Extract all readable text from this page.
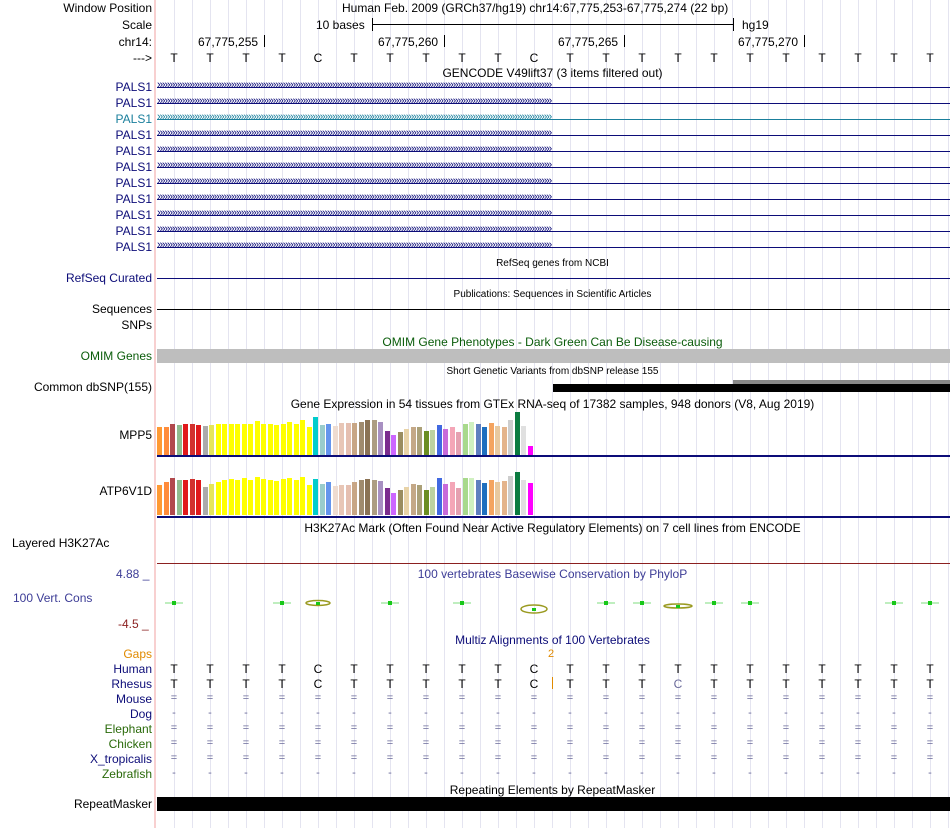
Window Position	Human Feb. 2009 (GRCh37/hg19) chr14:67,775,253-67,775,274 (22 bp)
Scale	10 bases	hg19
chr14:	67,775,255	67,775,260	67,775,265	67,775,270
---> T T T T C T T T T T C T T T T T T T T T T T
GENCODE V49lift37 (3 items filtered out)
PALS1 ››››››››››››››››››››››››››››››››››››››››››››››››››››››››››››››››››››››››››››››››››››››››››››››››››››››››››››››››››››››››››››››››››››››››››››››››››››››››››››››››
PALS1 ››››››››››››››››››››››››››››››››››››››››››››››››››››››››››››››››››››››››››››››››››››››››››››››››››››››››››››››››››››››››››››››››››››››››››››››››››››››››››››››››
PALS1 ››››››››››››››››››››››››››››››››››››››››››››››››››››››››››››››››››››››››››››››››››››››››››››››››››››››››››››››››››››››››››››››››››››››››››››››››››››››››››››››››
PALS1 ››››››››››››››››››››››››››››››››››››››››››››››››››››››››››››››››››››››››››››››››››››››››››››››››››››››››››››››››››››››››››››››››››››››››››››››››››››››››››››››››
PALS1 ››››››››››››››››››››››››››››››››››››››››››››››››››››››››››››››››››››››››››››››››››››››››››››››››››››››››››››››››››››››››››››››››››››››››››››››››››››››››››››››››
PALS1 ››››››››››››››››››››››››››››››››››››››››››››››››››››››››››››››››››››››››››››››››››››››››››››››››››››››››››››››››››››››››››››››››››››››››››››››››››››››››››››››››
PALS1 ››››››››››››››››››››››››››››››››››››››››››››››››››››››››››››››››››››››››››››››››››››››››››››››››››››››››››››››››››››››››››››››››››››››››››››››››››››››››››››››››
PALS1 ››››››››››››››››››››››››››››››››››››››››››››››››››››››››››››››››››››››››››››››››››››››››››››››››››››››››››››››››››››››››››››››››››››››››››››››››››››››››››››››››
PALS1 ››››››››››››››››››››››››››››››››››››››››››››››››››››››››››››››››››››››››››››››››››››››››››››››››››››››››››››››››››››››››››››››››››››››››››››››››››››››››››››››››
PALS1 ››››››››››››››››››››››››››››››››››››››››››››››››››››››››››››››››››››››››››››››››››››››››››››››››››››››››››››››››››››››››››››››››››››››››››››››››››››››››››››››››
PALS1 ››››››››››››››››››››››››››››››››››››››››››››››››››››››››››››››››››››››››››››››››››››››››››››››››››››››››››››››››››››››››››››››››››››››››››››››››››››››››››››››››
RefSeq genes from NCBI
RefSeq Curated
Publications: Sequences in Scientific Articles
Sequences
SNPs
OMIM Gene Phenotypes - Dark Green Can Be Disease-causing
OMIM Genes
Short Genetic Variants from dbSNP release 155
Common dbSNP(155)
Gene Expression in 54 tissues from GTEx RNA-seq of 17382 samples, 948 donors (V8, Aug 2019)
MPP5
ATP6V1D
H3K27Ac Mark (Often Found Near Active Regulatory Elements) on 7 cell lines from ENCODE
Layered H3K27Ac
4.88 _	100 vertebrates Basewise Conservation by PhyloP
100 Vert. Cons
-4.5 _
Multiz Alignments of 100 Vertebrates
Gaps	2
Human T T T T C T T T T T C T T T T T T T T T T T
Rhesus T T T T C T T T T T C T T T C T T T T T T T
Mouse =	=	=	=	=	=	=	=	=	=	=	=	=	=	=	=	=	=	=	=	=	=
Dog	-	-	-	-	-	-	-	-	-	-	-	-	-	-	-	-	-	-	-	-	-	-
Elephant =	=	=	=	=	=	=	=	=	=	=	=	=	=	=	=	=	=	=	=	=	=
Chicken =	=	=	=	=	=	=	=	=	=	=	=	=	=	=	=	=	=	=	=	=	=
X_tropicalis =	=	=	=	=	=	=	=	=	=	=	=	=	=	=	=	=	=	=	=	=	=
Zebrafish	-	-	-	-	-	-	-	-	-	-	-	-	-	-	-	-	-	-	-	-	-	-
Repeating Elements by RepeatMasker
RepeatMasker
